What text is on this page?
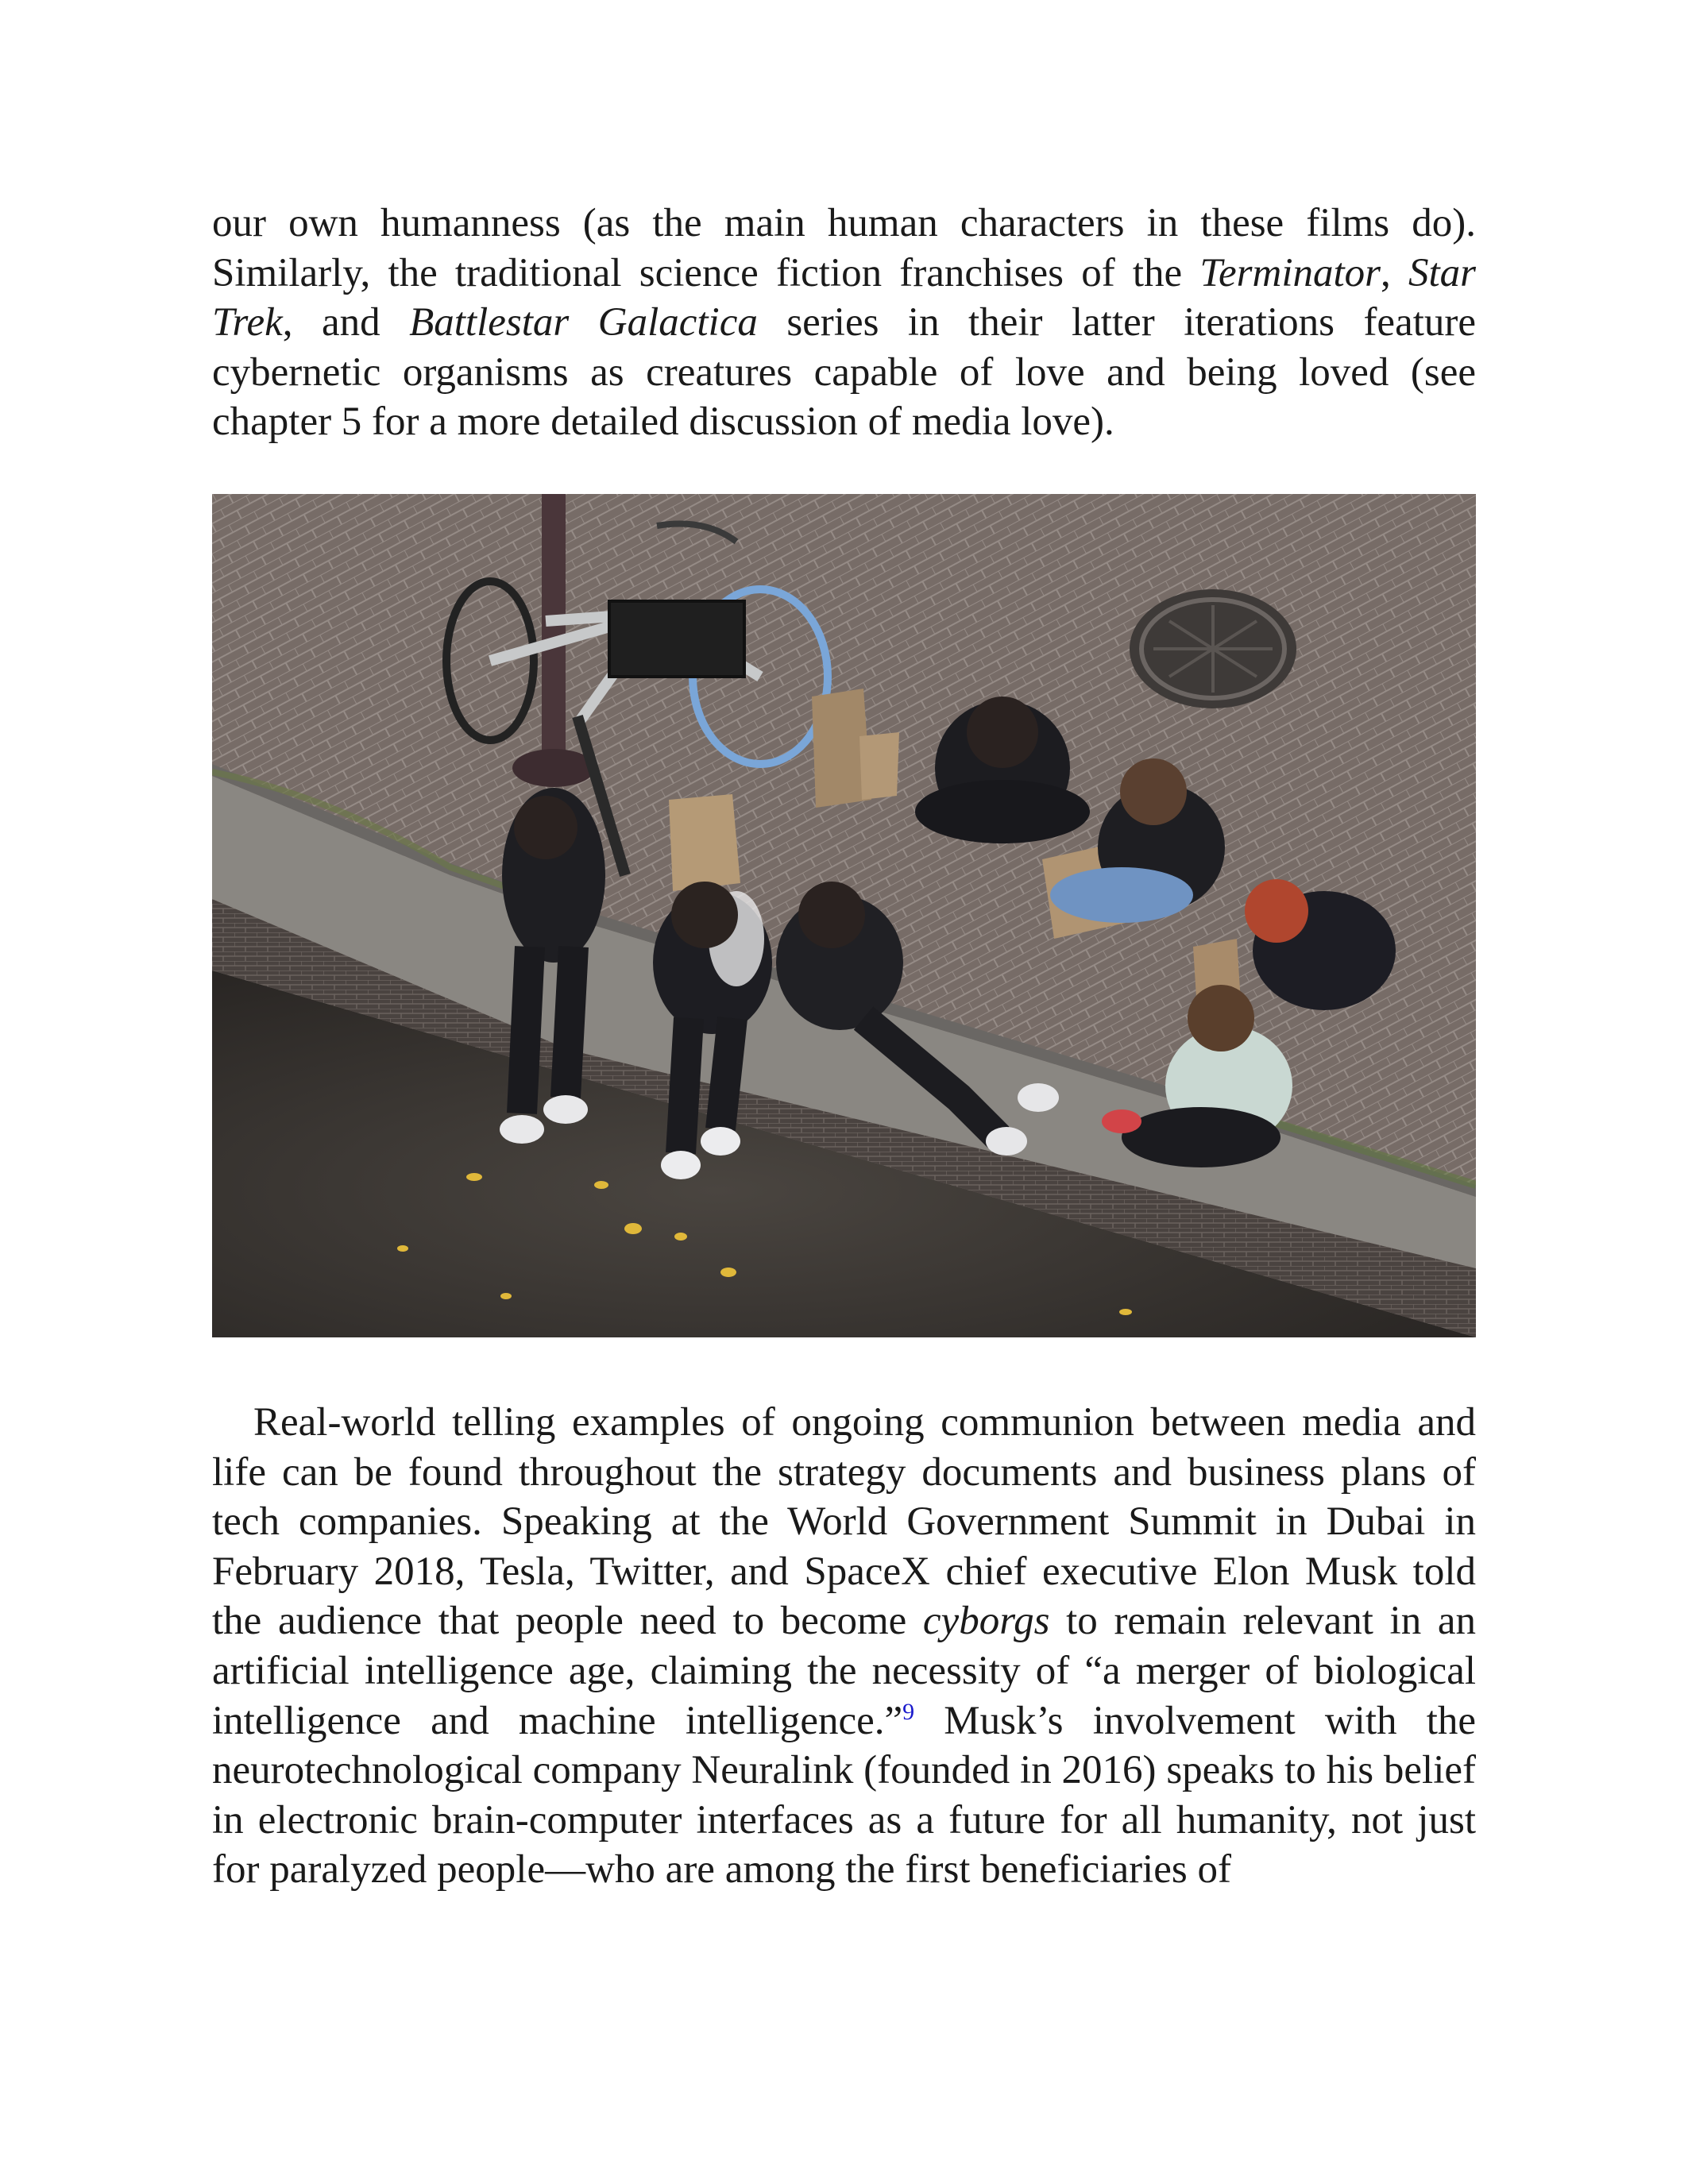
our own humanness (as the main human characters in these films do). Similarly, the traditional science fiction franchises of the Terminator, Star Trek, and Battlestar Galactica series in their latter iterations feature cybernetic organisms as creatures capable of love and being loved (see chapter 5 for a more detailed discussion of media love).

Real-world telling examples of ongoing communion between media and life can be found throughout the strategy documents and business plans of tech companies. Speaking at the World Government Summit in Dubai in February 2018, Tesla, Twitter, and SpaceX chief executive Elon Musk told the audience that people need to become cyborgs to remain relevant in an artificial intelligence age, claiming the necessity of “a merger of biological intelligence and machine intelligence.”$^9$ Musk’s involvement with the neurotechnological company Neuralink (founded in 2016) speaks to his belief in electronic brain-computer interfaces as a future for all humanity, not just for paralyzed people—who are among the first beneficiaries of
